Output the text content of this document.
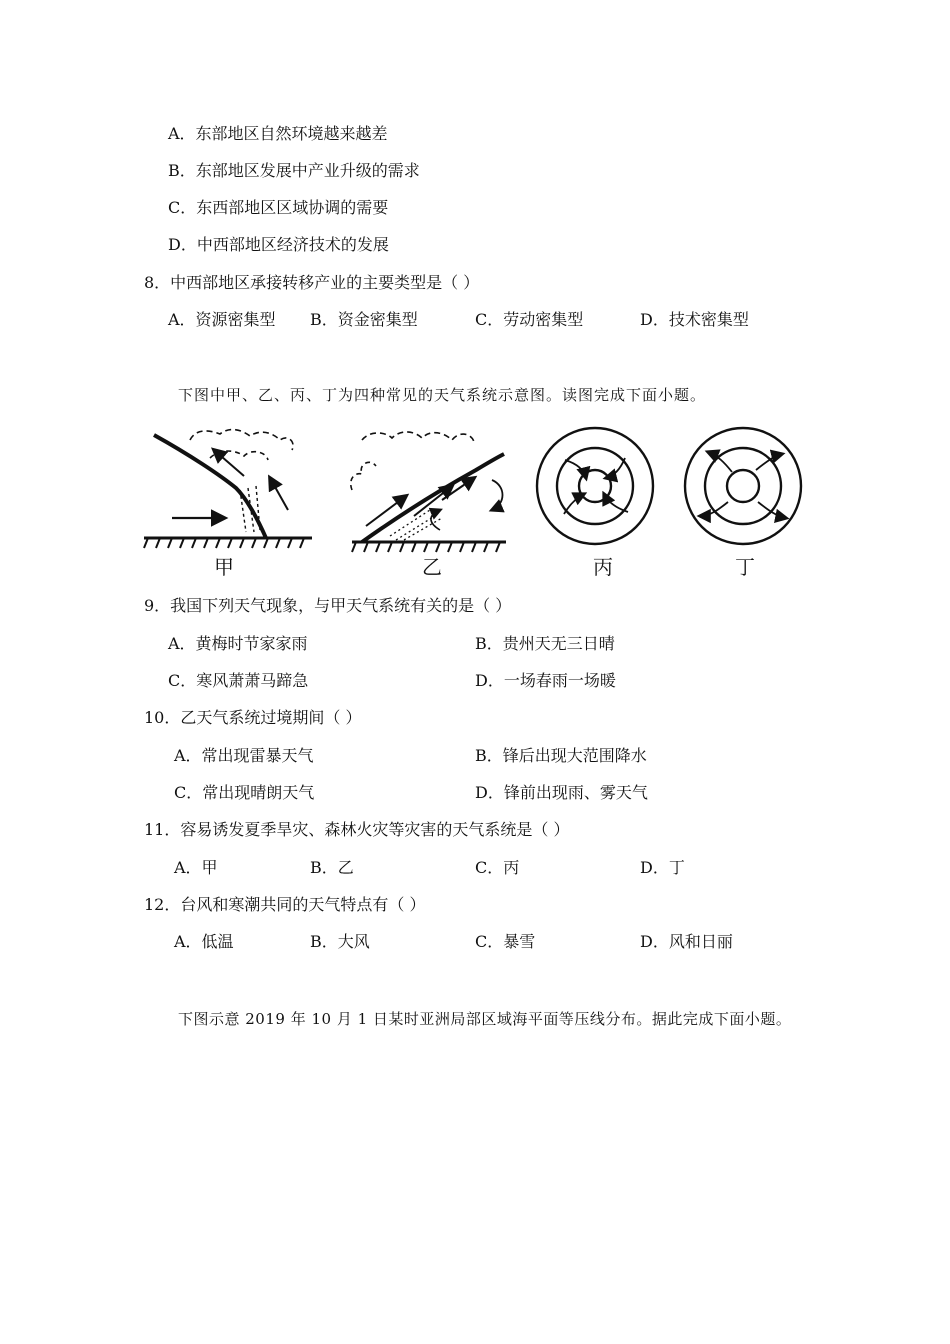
A．东部地区自然环境越来越差
B．东部地区发展中产业升级的需求
C．东西部地区区域协调的需要
D．中西部地区经济技术的发展
8．中西部地区承接转移产业的主要类型是（ ）
A．资源密集型 B．资金密集型	C．劳动密集型	D．技术密集型
下图中甲、乙、丙、丁为四种常见的天气系统示意图。读图完成下面小题。
甲	乙	丙	丁
9．我国下列天气现象，与甲天气系统有关的是（ ）
A．黄梅时节家家雨	B．贵州天无三日晴
C．寒风萧萧马蹄急	D．一场春雨一场暖
10．乙天气系统过境期间（ ）
A．常出现雷暴天气	B．锋后出现大范围降水
C．常出现晴朗天气	D．锋前出现雨、雾天气
11．容易诱发夏季旱灾、森林火灾等灾害的天气系统是（ ）
A．甲	B．乙	C．丙	D．丁
12．台风和寒潮共同的天气特点有（ ）
A．低温	B．大风	C．暴雪	D．风和日丽
下图示意 2019 年 10 月 1 日某时亚洲局部区域海平面等压线分布。据此完成下面小题。
